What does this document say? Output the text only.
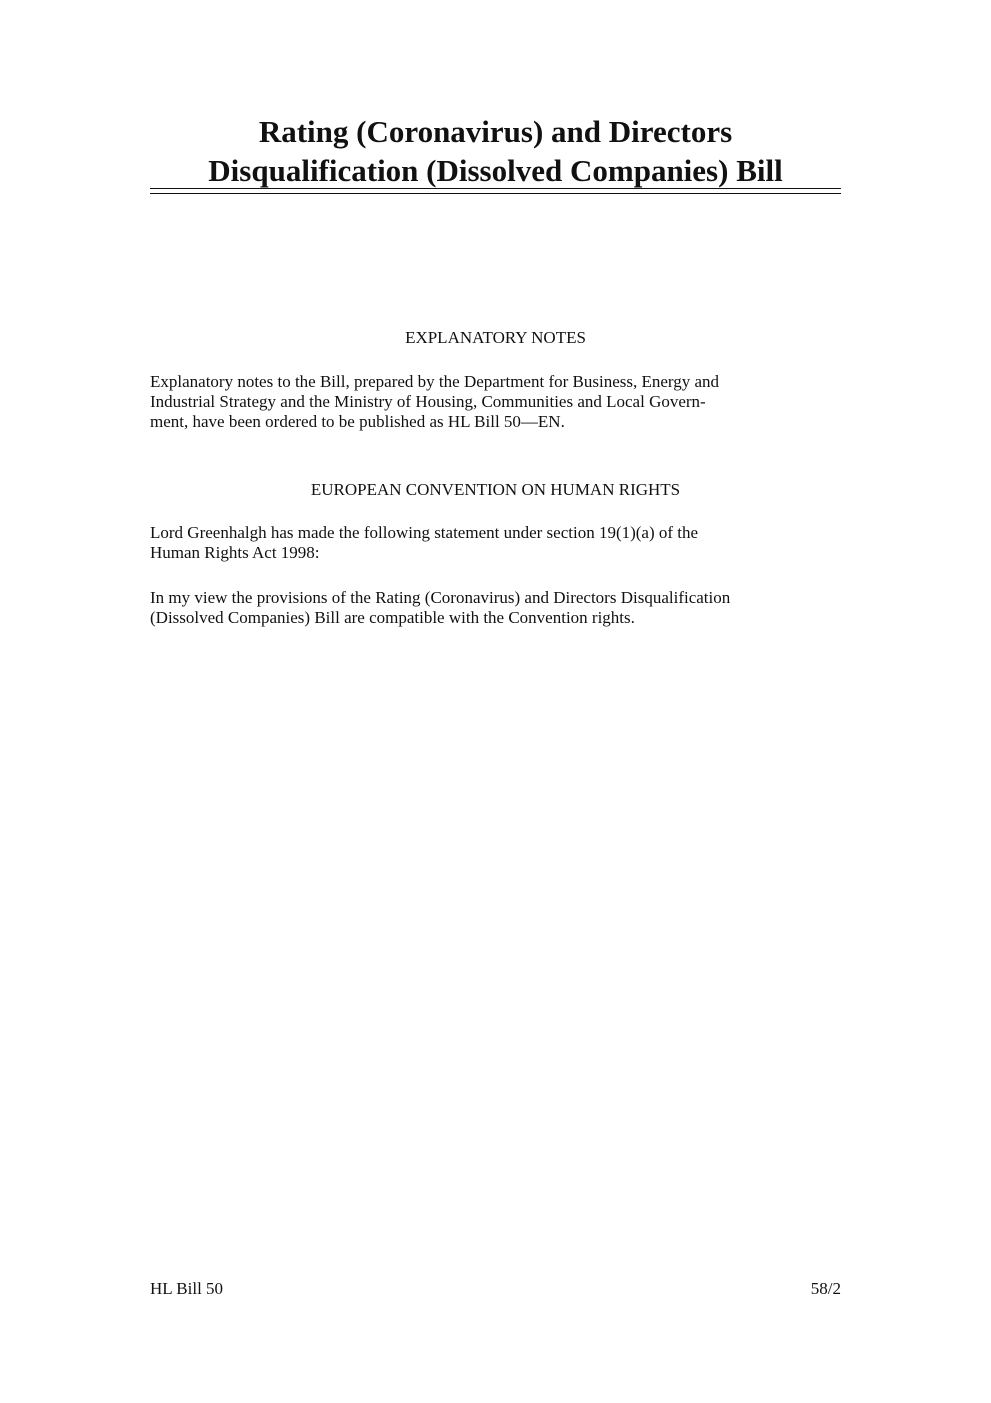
Rating (Coronavirus) and Directors
Disqualification (Dissolved Companies) Bill
EXPLANATORY NOTES
Explanatory notes to the Bill, prepared by the Department for Business, Energy and
Industrial Strategy and the Ministry of Housing, Communities and Local Govern-
ment, have been ordered to be published as HL Bill 50—EN.
EUROPEAN CONVENTION ON HUMAN RIGHTS
Lord Greenhalgh has made the following statement under section 19(1)(a) of the
Human Rights Act 1998:
In my view the provisions of the Rating (Coronavirus) and Directors Disqualification
(Dissolved Companies) Bill are compatible with the Convention rights.
HL Bill 50	58/2
